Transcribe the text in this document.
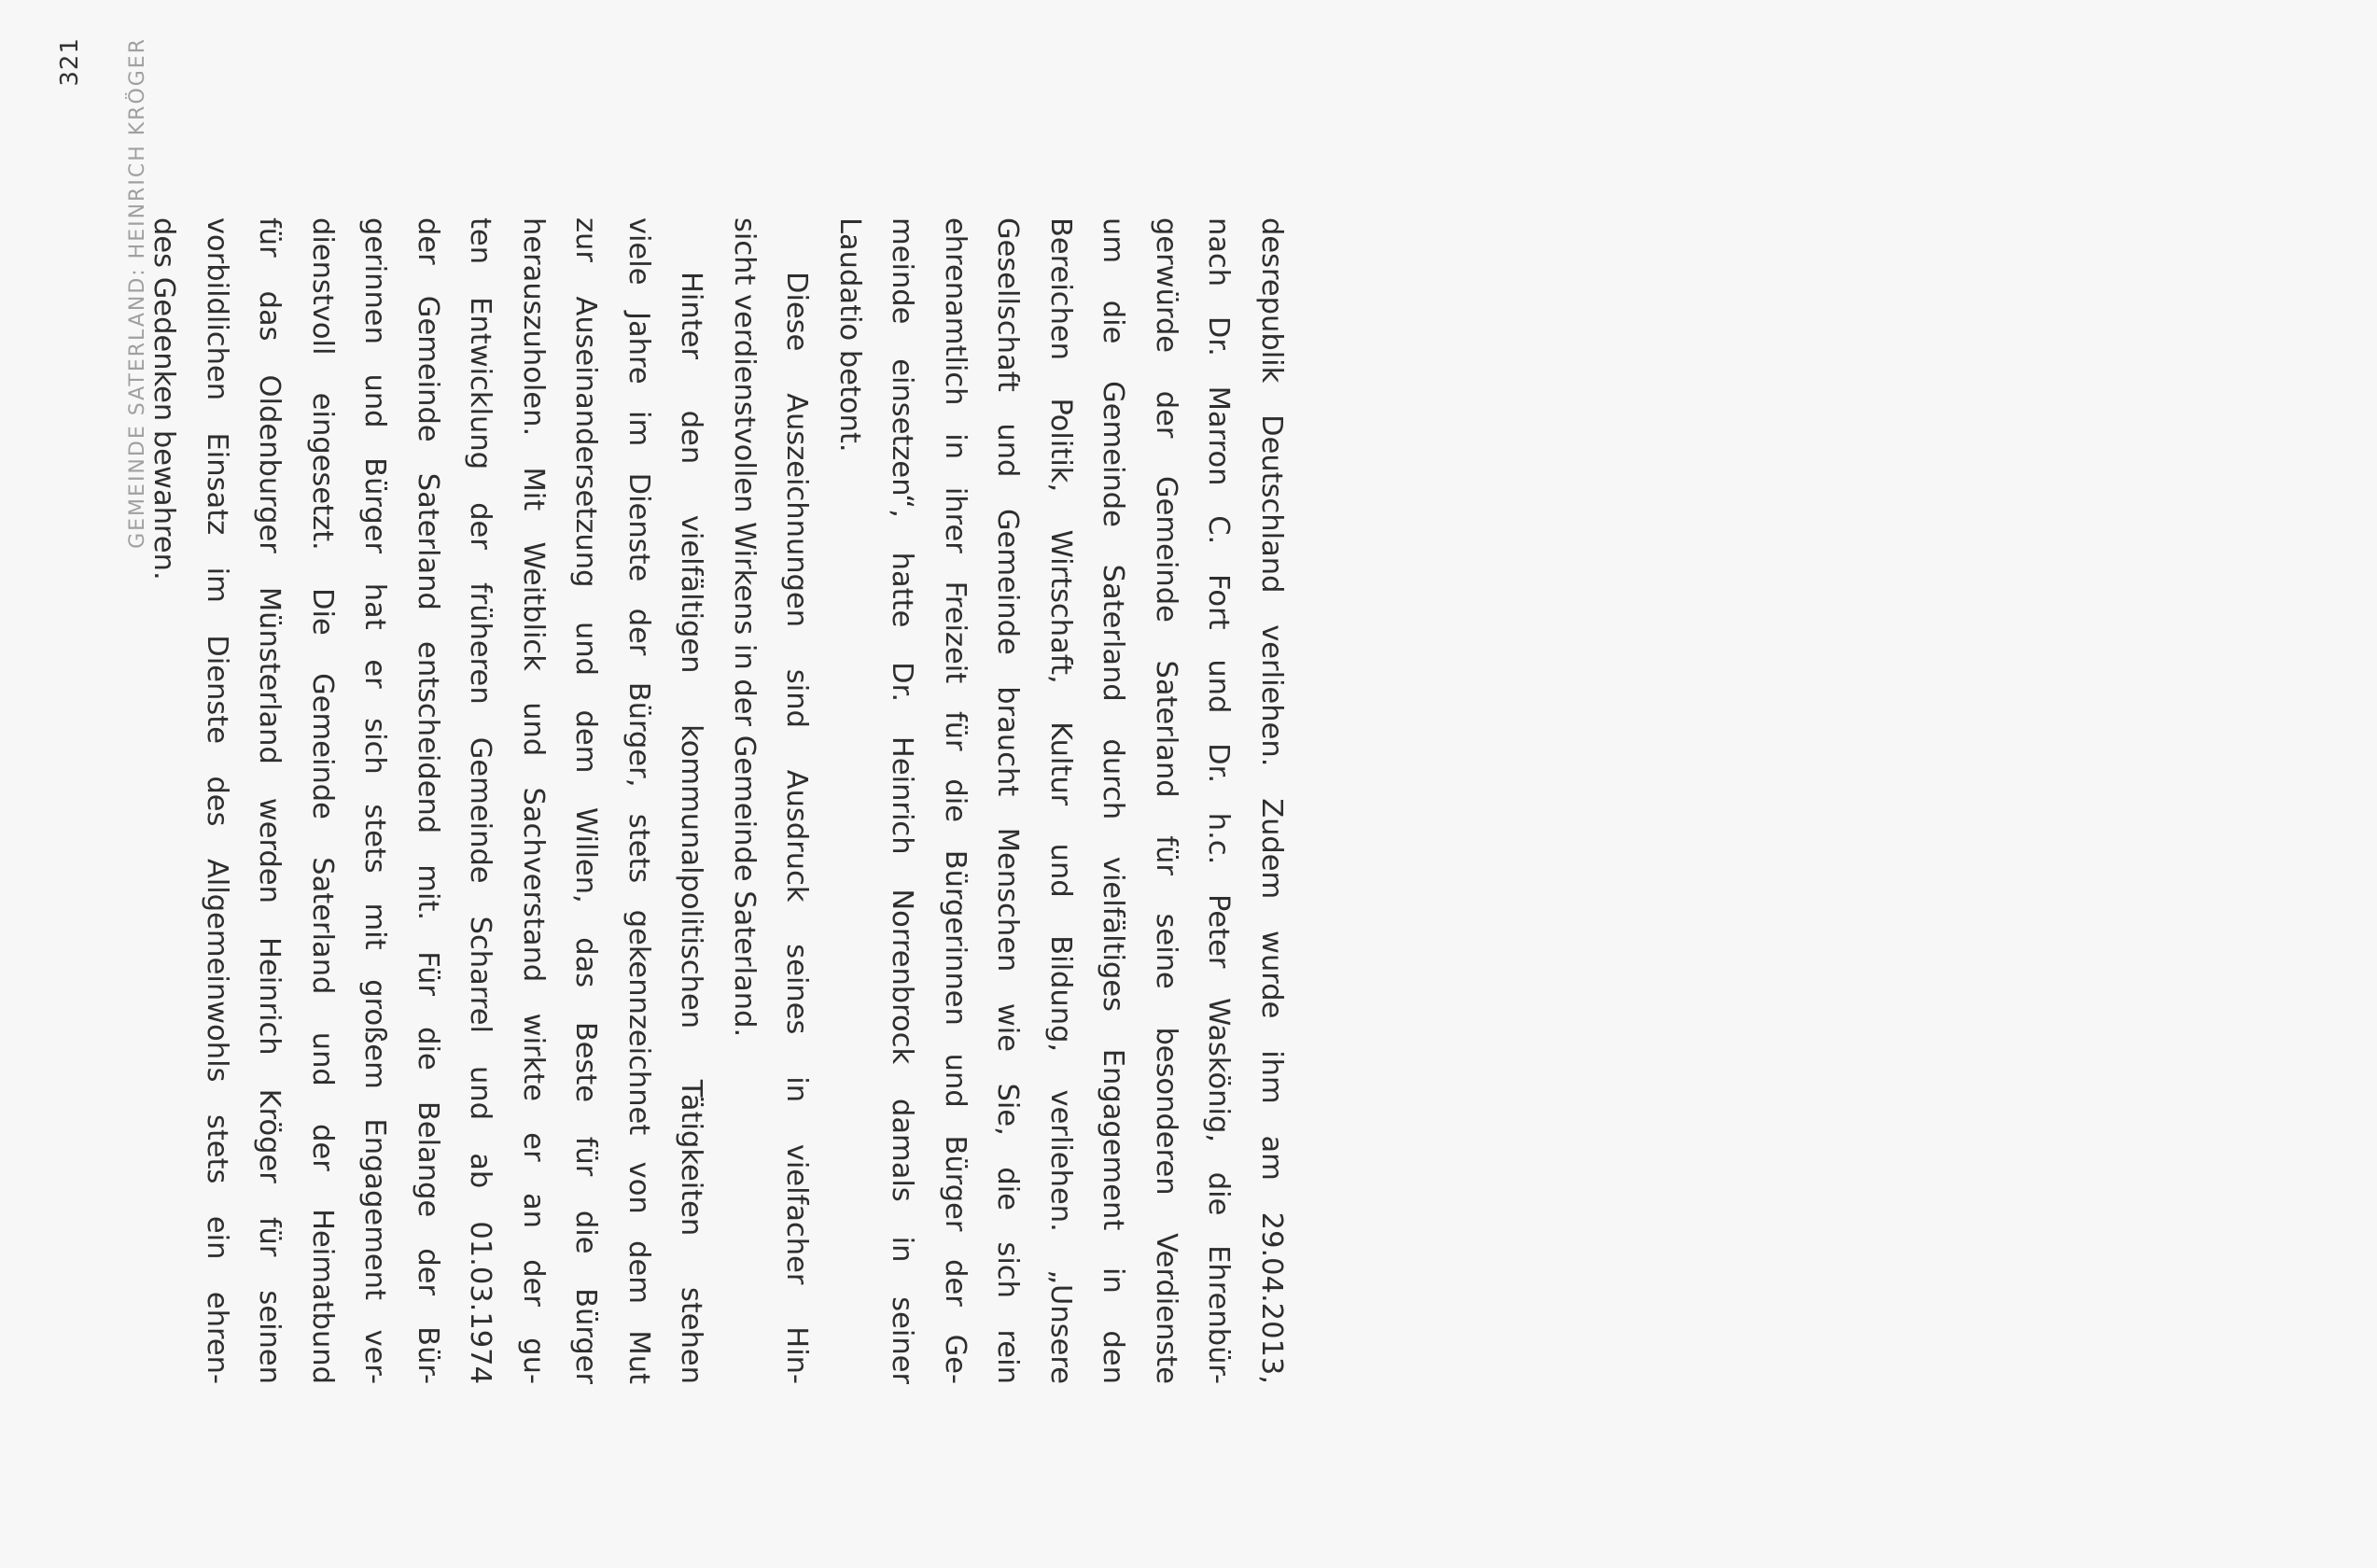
321 GEMEINDE SATERLAND: HEINRICH KRÖGER	desrepublik Deutschland verliehen. Zudem wurde ihm am 29.04.2013,
nach Dr. Marron C. Fort und Dr. h.c. Peter Waskönig, die Ehrenbür-
gerwürde der Gemeinde Saterland für seine besonderen Verdienste
um die Gemeinde Saterland durch vielfältiges Engagement in den
Bereichen Politik, Wirtschaft, Kultur und Bildung, verliehen. „Unsere
Gesellschaft und Gemeinde braucht Menschen wie Sie, die sich rein
ehrenamtlich in ihrer Freizeit für die Bürgerinnen und Bürger der Ge-
meinde einsetzen“, hatte Dr. Heinrich Norrenbrock damals in seiner
Laudatio betont.

Diese Auszeichnungen sind Ausdruck seines in vielfacher Hin-
sicht verdienstvollen Wirkens in der Gemeinde Saterland.

Hinter den vielfältigen kommunalpolitischen Tätigkeiten stehen
viele Jahre im Dienste der Bürger, stets gekennzeichnet von dem Mut
zur Auseinandersetzung und dem Willen, das Beste für die Bürger
herauszuholen. Mit Weitblick und Sachverstand wirkte er an der gu-
ten Entwicklung der früheren Gemeinde Scharrel und ab 01.03.1974
der Gemeinde Saterland entscheidend mit. Für die Belange der Bür-
gerinnen und Bürger hat er sich stets mit großem Engagement ver-
dienstvoll eingesetzt. Die Gemeinde Saterland und der Heimatbund
für das Oldenburger Münsterland werden Heinrich Kröger für seinen
vorbildlichen Einsatz im Dienste des Allgemeinwohls stets ein ehren-
des Gedenken bewahren.
